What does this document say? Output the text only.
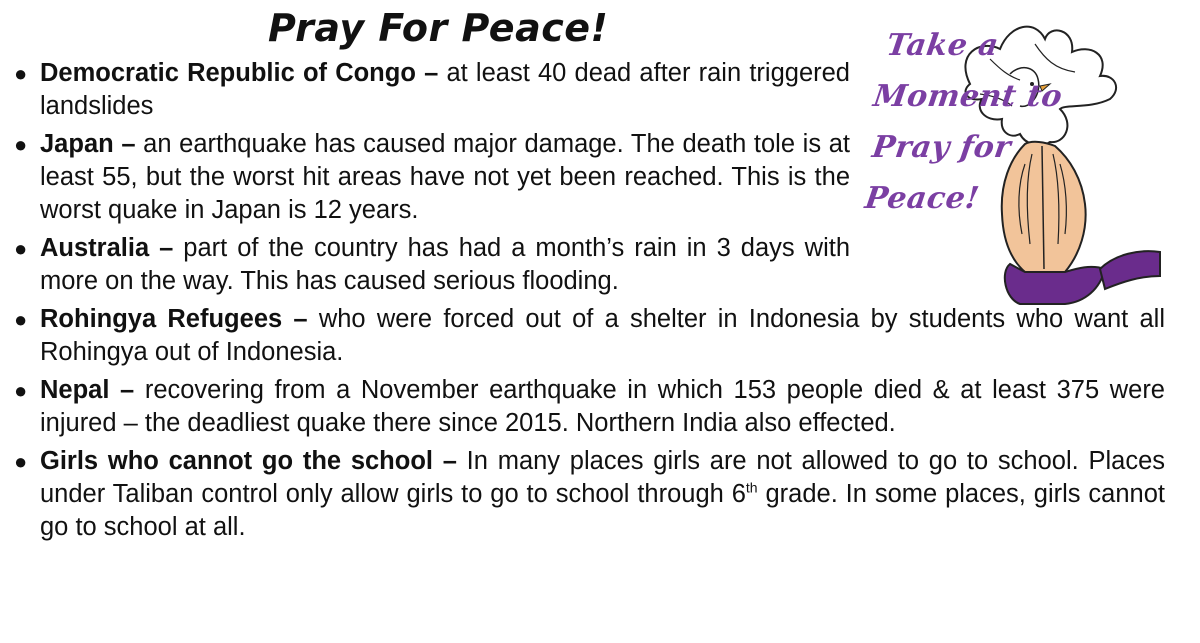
Pray For Peace!	Take a
Moment to
Pray for
Peace!
● Democratic Republic of Congo – at least 40 dead after rain triggered landslides
● Japan – an earthquake has caused major damage. The death tole is at least 55, but the worst hit areas have not yet been reached. This is the worst quake in Japan is 12 years.
● Australia – part of the country has had a month’s rain in 3 days with more on the way. This has caused serious flooding.
● Rohingya Refugees – who were forced out of a shelter in Indonesia by students who want all Rohingya out of Indonesia.
● Nepal – recovering from a November earthquake in which 153 people died & at least 375 were injured – the deadliest quake there since 2015. Northern India also effected.
● Girls who cannot go the school – In many places girls are not allowed to go to school. Places under Taliban control only allow girls to go to school through 6th grade. In some places, girls cannot go to school at all.
